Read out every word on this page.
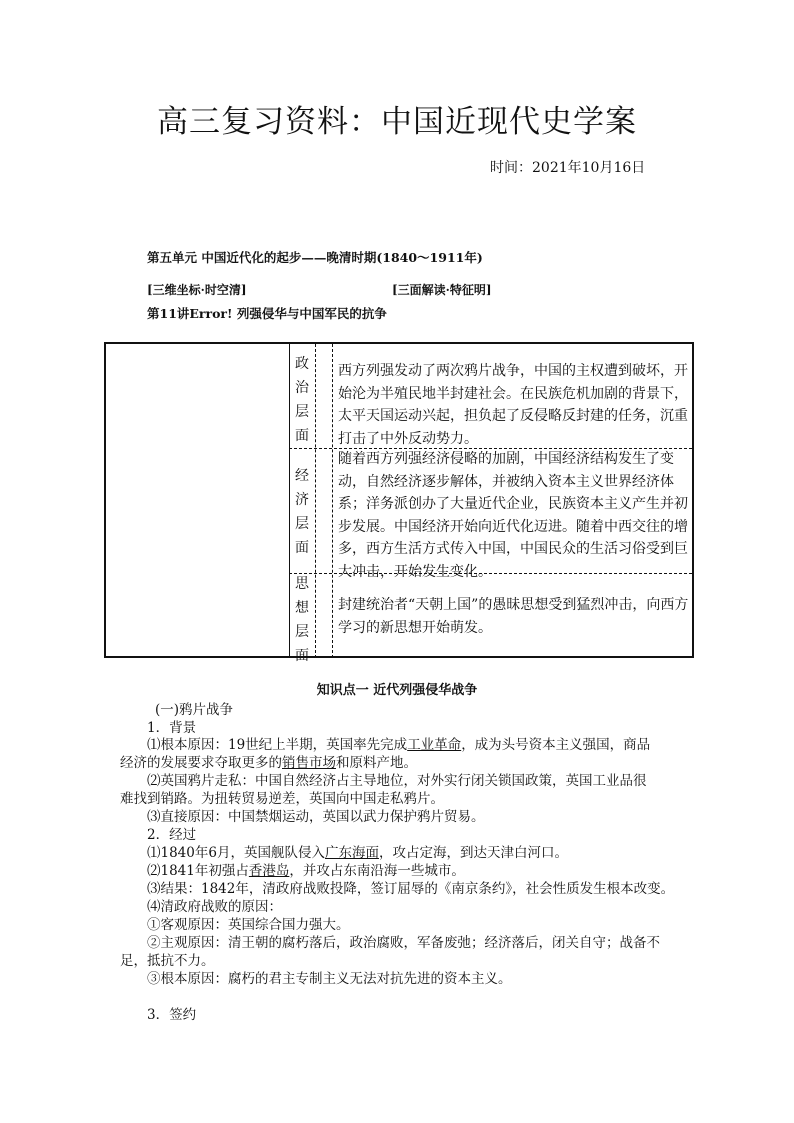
高三复习资料：中国近现代史学案
时间：2021年10月16日
第五单元 中国近代化的起步——晚清时期(1840～1911年)
[三维坐标·时空清]	[三面解读·特征明]
第11讲Error! 列强侵华与中国军民的抗争
政
治
层
面
西方列强发动了两次鸦片战争，中国的主权遭到破坏，开始沦为半殖民地半封建社会。在民族危机加剧的背景下，太平天国运动兴起，担负起了反侵略反封建的任务，沉重打击了中外反动势力。
经
济
层
面
随着西方列强经济侵略的加剧，中国经济结构发生了变动，自然经济逐步解体，并被纳入资本主义世界经济体系；洋务派创办了大量近代企业，民族资本主义产生并初步发展。中国经济开始向近代化迈进。随着中西交往的增多，西方生活方式传入中国，中国民众的生活习俗受到巨大冲击，开始发生变化。
思
想
层
面
封建统治者“天朝上国”的愚昧思想受到猛烈冲击，向西方学习的新思想开始萌发。
知识点一 近代列强侵华战争
(一)鸦片战争
1．背景
⑴根本原因：19世纪上半期，英国率先完成工业革命，成为头号资本主义强国，商品
经济的发展要求夺取更多的销售市场和原料产地。
⑵英国鸦片走私：中国自然经济占主导地位，对外实行闭关锁国政策，英国工业品很
难找到销路。为扭转贸易逆差，英国向中国走私鸦片。
⑶直接原因：中国禁烟运动，英国以武力保护鸦片贸易。
2．经过
⑴1840年6月，英国舰队侵入广东海面，攻占定海，到达天津白河口。
⑵1841年初强占香港岛，并攻占东南沿海一些城市。
⑶结果：1842年，清政府战败投降，签订屈辱的《南京条约》，社会性质发生根本改变。
⑷清政府战败的原因：
①客观原因：英国综合国力强大。
②主观原因：清王朝的腐朽落后，政治腐败，军备废弛；经济落后，闭关自守；战备不
足，抵抗不力。
③根本原因：腐朽的君主专制主义无法对抗先进的资本主义。
3．签约
